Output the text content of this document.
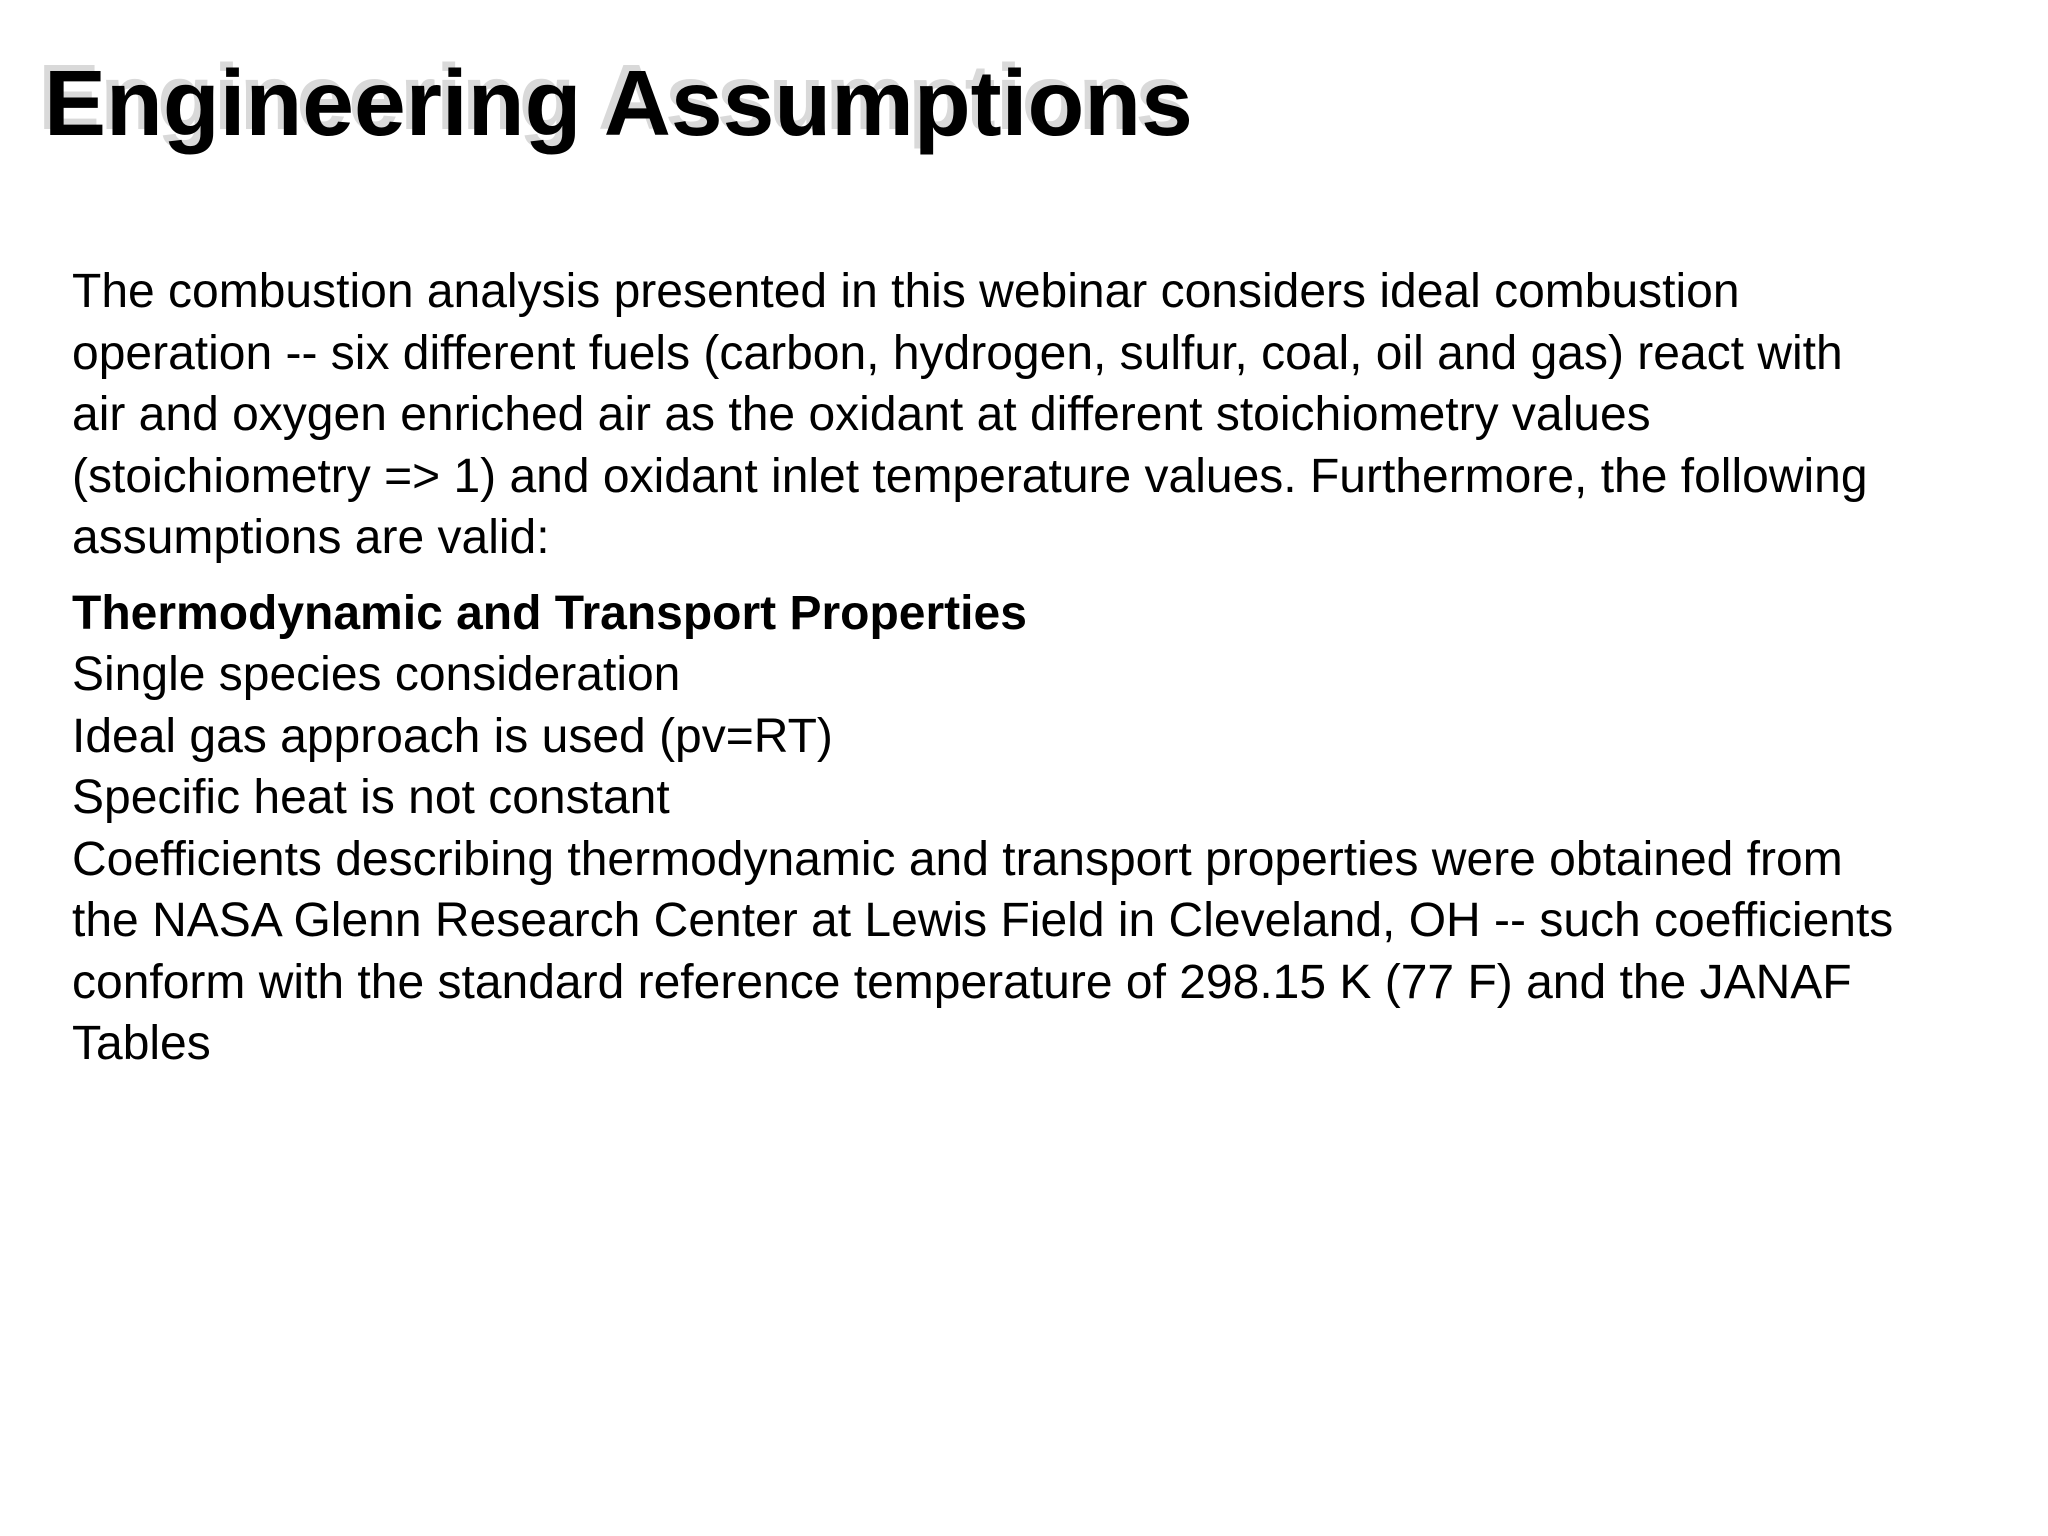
Engineering Assumptions

The combustion analysis presented in this webinar considers ideal combustion
operation -- six different fuels (carbon, hydrogen, sulfur, coal, oil and gas) react with
air and oxygen enriched air as the oxidant at different stoichiometry values
(stoichiometry => 1) and oxidant inlet temperature values. Furthermore, the following
assumptions are valid:

Thermodynamic and Transport Properties
Single species consideration
Ideal gas approach is used (pv=RT)
Specific heat is not constant
Coefficients describing thermodynamic and transport properties were obtained from
the NASA Glenn Research Center at Lewis Field in Cleveland, OH -- such coefficients
conform with the standard reference temperature of 298.15 K (77 F) and the JANAF
Tables
